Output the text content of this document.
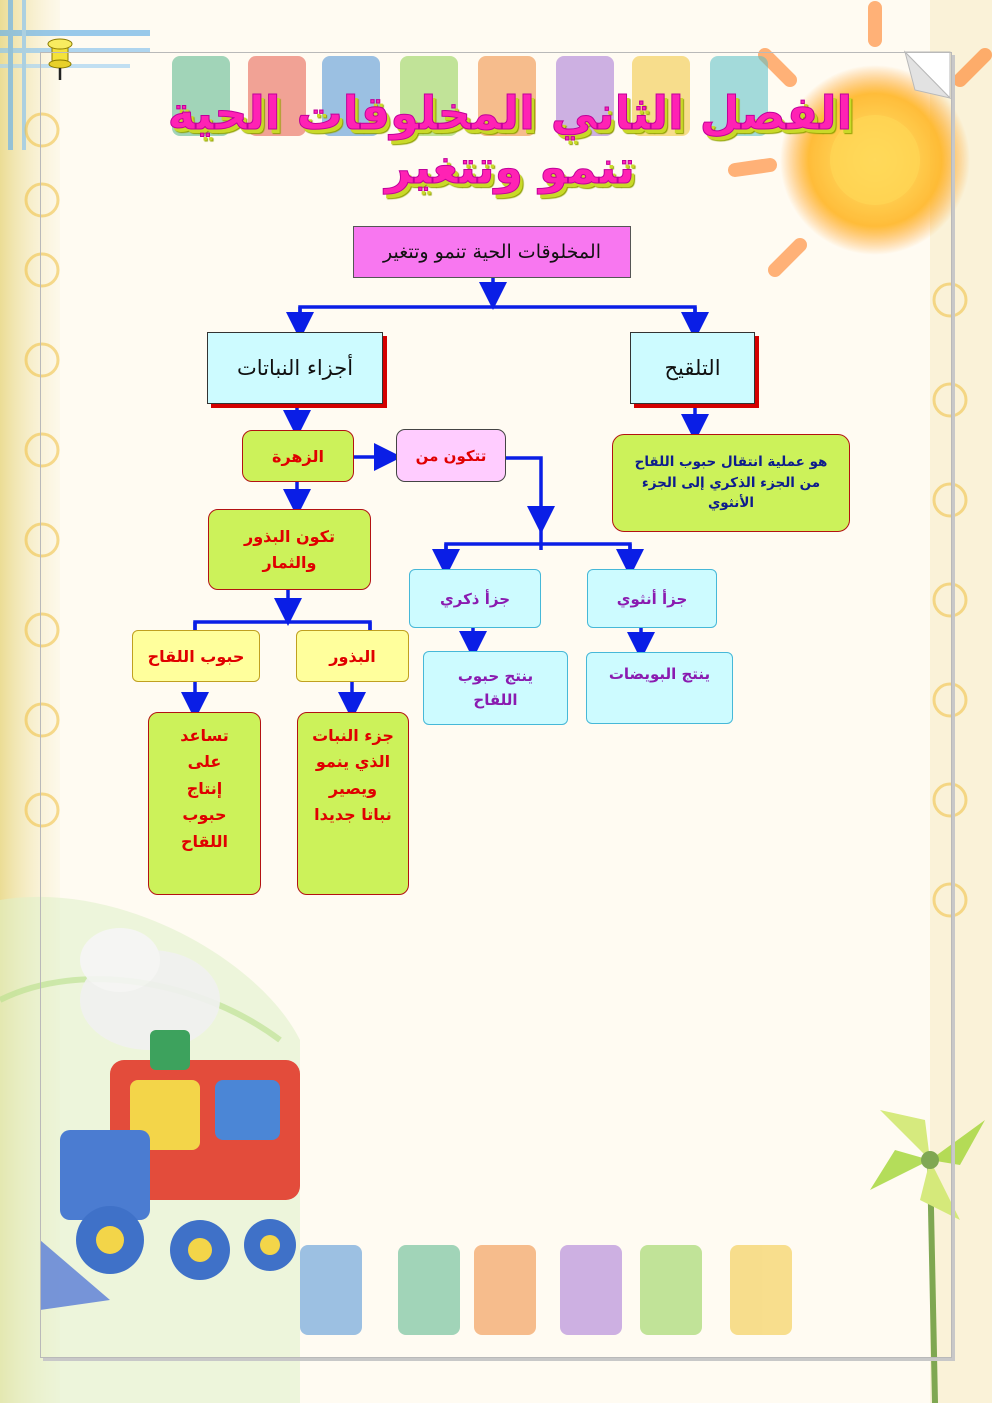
الفصل الثاني المخلوقات الحية تنمو وتتغير
المخلوقات الحية تنمو وتتغير
أجزاء النباتات	التلقيح
هو عملية انتقال حبوب اللقاح من الجزء الذكري إلى الجزء الأنثوي
الزهرة	تتكون من
تكون البذور والثمار
جزأ ذكري	جزأ أنثوي
ينتج حبوب اللقاح
ينتج البويضات
حبوب اللقاح	البذور
تساعد على إنتاج حبوب اللقاح
جزء النبات الذي ينمو ويصير نباتا جديدا
